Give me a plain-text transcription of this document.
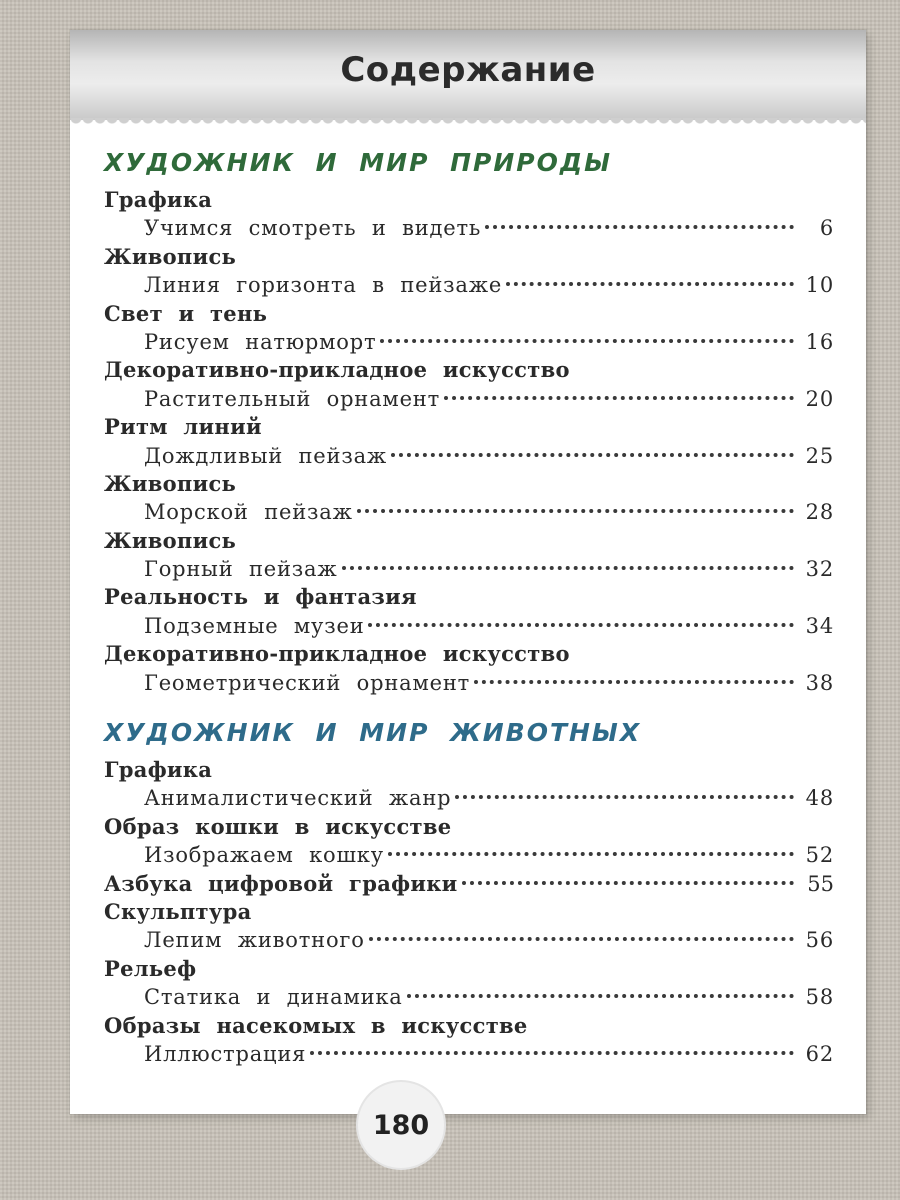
Содержание
ХУДОЖНИК И МИР ПРИРОДЫ
Графика
Учимся смотреть и видеть	6
Живопись
Линия горизонта в пейзаже	10
Свет и тень
Рисуем натюрморт	16
Декоративно-прикладное искусство
Растительный орнамент	20
Ритм линий
Дождливый пейзаж	25
Живопись
Морской пейзаж	28
Живопись
Горный пейзаж	32
Реальность и фантазия
Подземные музеи	34
Декоративно-прикладное искусство
Геометрический орнамент	38
ХУДОЖНИК И МИР ЖИВОТНЫХ
Графика
Анималистический жанр	48
Образ кошки в искусстве
Изображаем кошку	52
Азбука цифровой графики	55
Скульптура
Лепим животного	56
Рельеф
Статика и динамика	58
Образы насекомых в искусстве
Иллюстрация	62
180
